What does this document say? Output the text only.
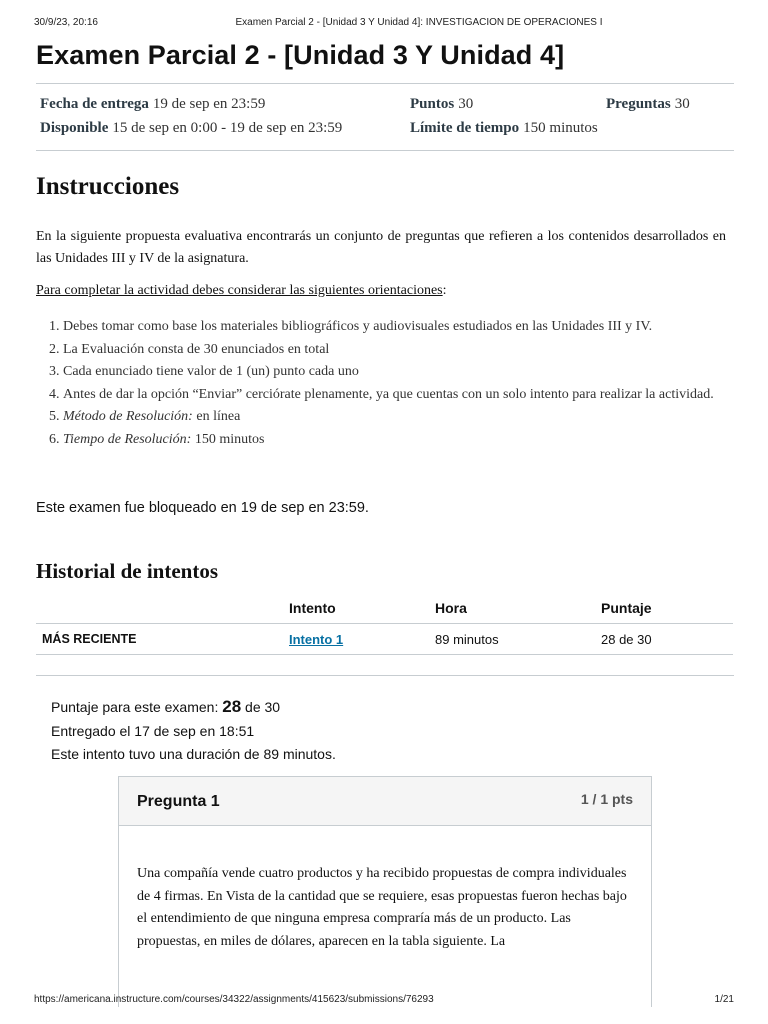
30/9/23, 20:16	Examen Parcial 2 - [Unidad 3 Y Unidad 4]: INVESTIGACION DE OPERACIONES I
Examen Parcial 2 - [Unidad 3 Y Unidad 4]
Fecha de entrega 19 de sep en 23:59	Puntos 30	Preguntas 30
Disponible 15 de sep en 0:00 - 19 de sep en 23:59	Límite de tiempo 150 minutos
Instrucciones

En la siguiente propuesta evaluativa encontrarás un conjunto de preguntas que refieren a los contenidos desarrollados en las Unidades III y IV de la asignatura.

Para completar la actividad debes considerar las siguientes orientaciones:
1. Debes tomar como base los materiales bibliográficos y audiovisuales estudiados en las Unidades III y IV.
2. La Evaluación consta de 30 enunciados en total
3. Cada enunciado tiene valor de 1 (un) punto cada uno
4. Antes de dar la opción “Enviar” cerciórate plenamente, ya que cuentas con un solo intento para realizar la actividad.
5. Método de Resolución: en línea
6. Tiempo de Resolución: 150 minutos
Este examen fue bloqueado en 19 de sep en 23:59.
Historial de intentos
	Intento	Hora	Puntaje
MÁS RECIENTE	Intento 1	89 minutos	28 de 30
Puntaje para este examen: 28 de 30
Entregado el 17 de sep en 18:51
Este intento tuvo una duración de 89 minutos.
Pregunta 1	1 / 1 pts
Una compañía vende cuatro productos y ha recibido propuestas de compra individuales de 4 firmas. En Vista de la cantidad que se requiere, esas propuestas fueron hechas bajo el entendimiento de que ninguna empresa compraría más de un producto. Las propuestas, en miles de dólares, aparecen en la tabla siguiente. La
https://americana.instructure.com/courses/34322/assignments/415623/submissions/76293	1/21
